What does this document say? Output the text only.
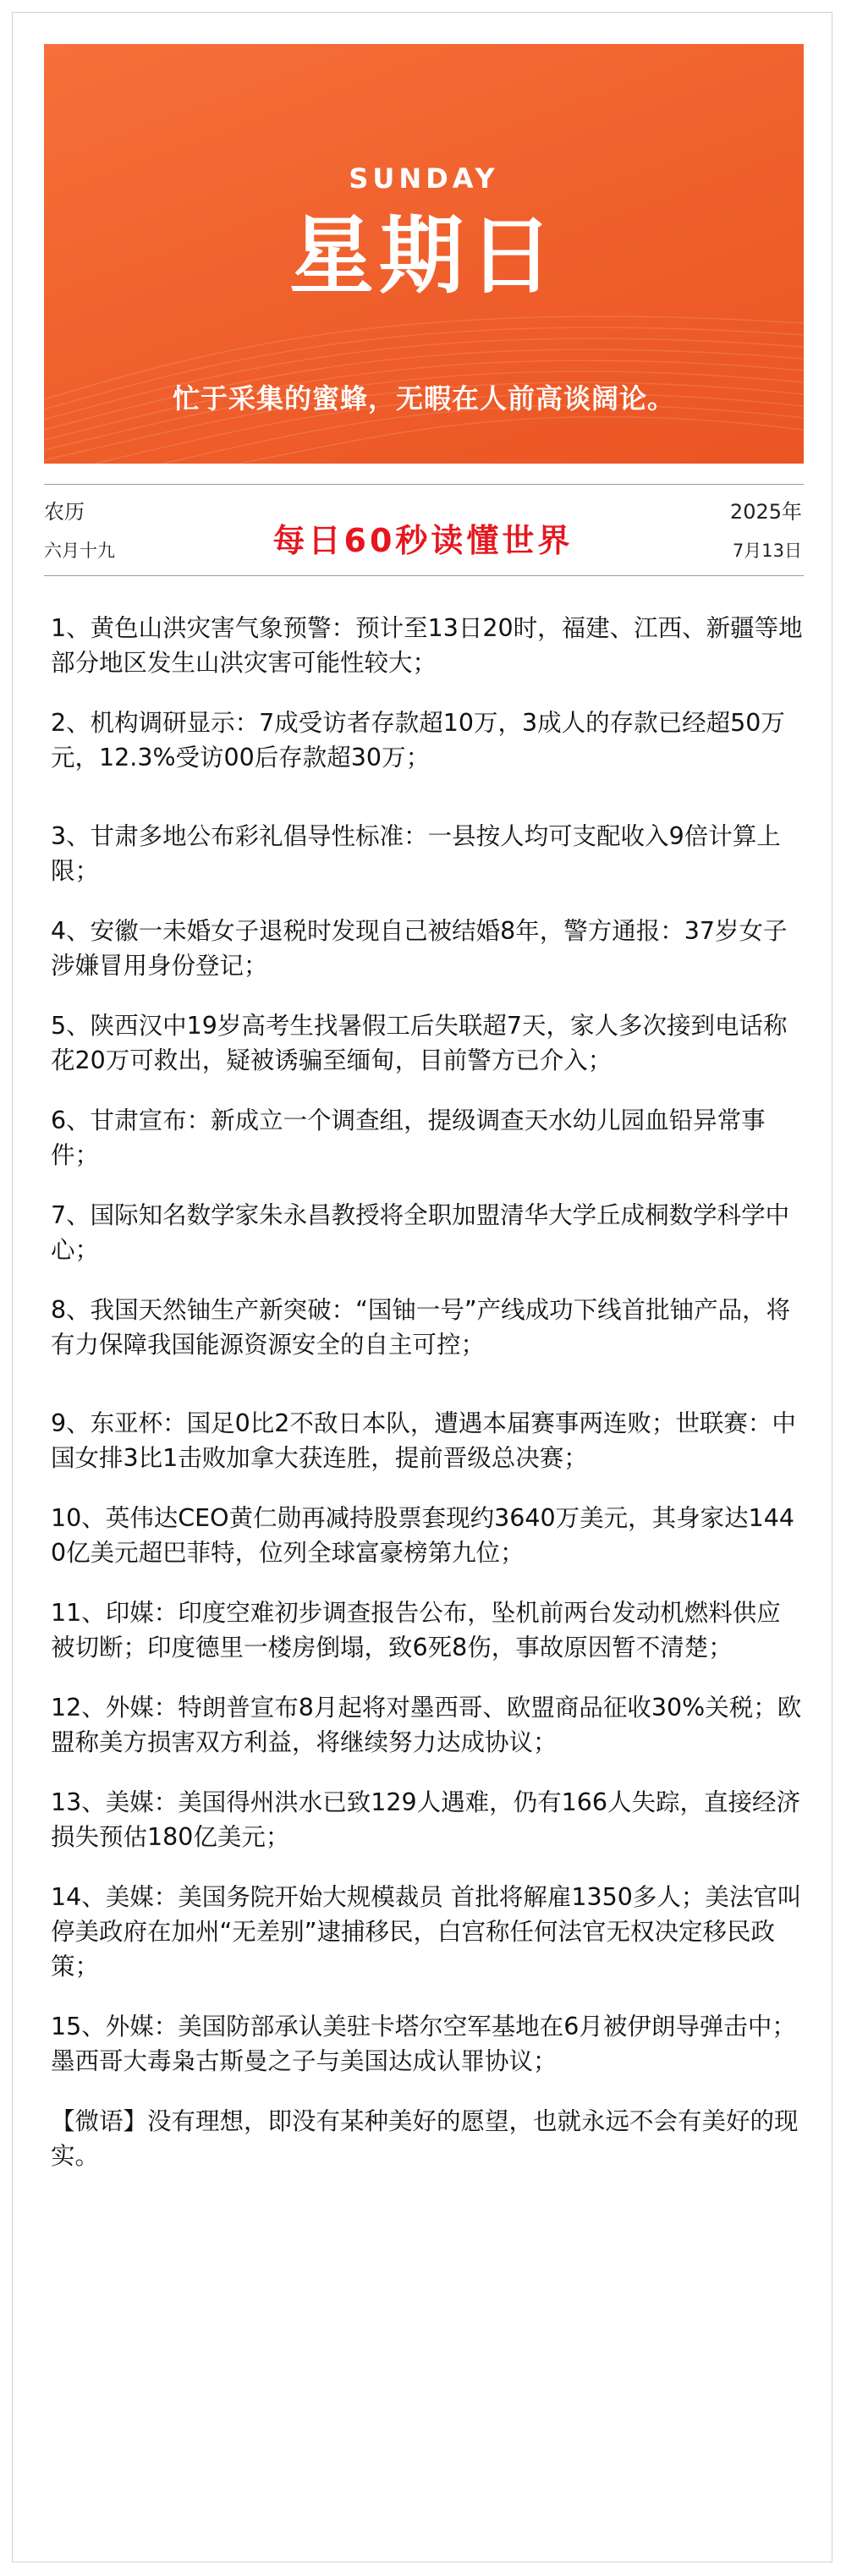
SUNDAY
星期日
忙于采集的蜜蜂，无暇在人前高谈阔论。
农历
六月十九	每日60秒读懂世界
2025年
7月13日
1、黄色山洪灾害气象预警：预计至13日20时，福建、江西、新疆等地部分地区发生山洪灾害可能性较大；
2、机构调研显示：7成受访者存款超10万，3成人的存款已经超50万元，12.3%受访00后存款超30万；
3、甘肃多地公布彩礼倡导性标准：一县按人均可支配收入9倍计算上限；
4、安徽一未婚女子退税时发现自己被结婚8年，警方通报：37岁女子涉嫌冒用身份登记；
5、陕西汉中19岁高考生找暑假工后失联超7天，家人多次接到电话称花20万可救出，疑被诱骗至缅甸，目前警方已介入；
6、甘肃宣布：新成立一个调查组，提级调查天水幼儿园血铅异常事件；
7、国际知名数学家朱永昌教授将全职加盟清华大学丘成桐数学科学中心；
8、我国天然铀生产新突破：“国铀一号”产线成功下线首批铀产品，将有力保障我国能源资源安全的自主可控；
9、东亚杯：国足0比2不敌日本队，遭遇本届赛事两连败；世联赛：中国女排3比1击败加拿大获连胜，提前晋级总决赛；
10、英伟达CEO黄仁勋再减持股票套现约3640万美元，其身家达1440亿美元超巴菲特，位列全球富豪榜第九位；
11、印媒：印度空难初步调查报告公布，坠机前两台发动机燃料供应被切断；印度德里一楼房倒塌，致6死8伤，事故原因暂不清楚；
12、外媒：特朗普宣布8月起将对墨西哥、欧盟商品征收30%关税；欧盟称美方损害双方利益，将继续努力达成协议；
13、美媒：美国得州洪水已致129人遇难，仍有166人失踪，直接经济损失预估180亿美元；
14、美媒：美国务院开始大规模裁员 首批将解雇1350多人；美法官叫停美政府在加州“无差别”逮捕移民，白宫称任何法官无权决定移民政策；
15、外媒：美国防部承认美驻卡塔尔空军基地在6月被伊朗导弹击中；墨西哥大毒枭古斯曼之子与美国达成认罪协议；
【微语】没有理想，即没有某种美好的愿望，也就永远不会有美好的现实。
